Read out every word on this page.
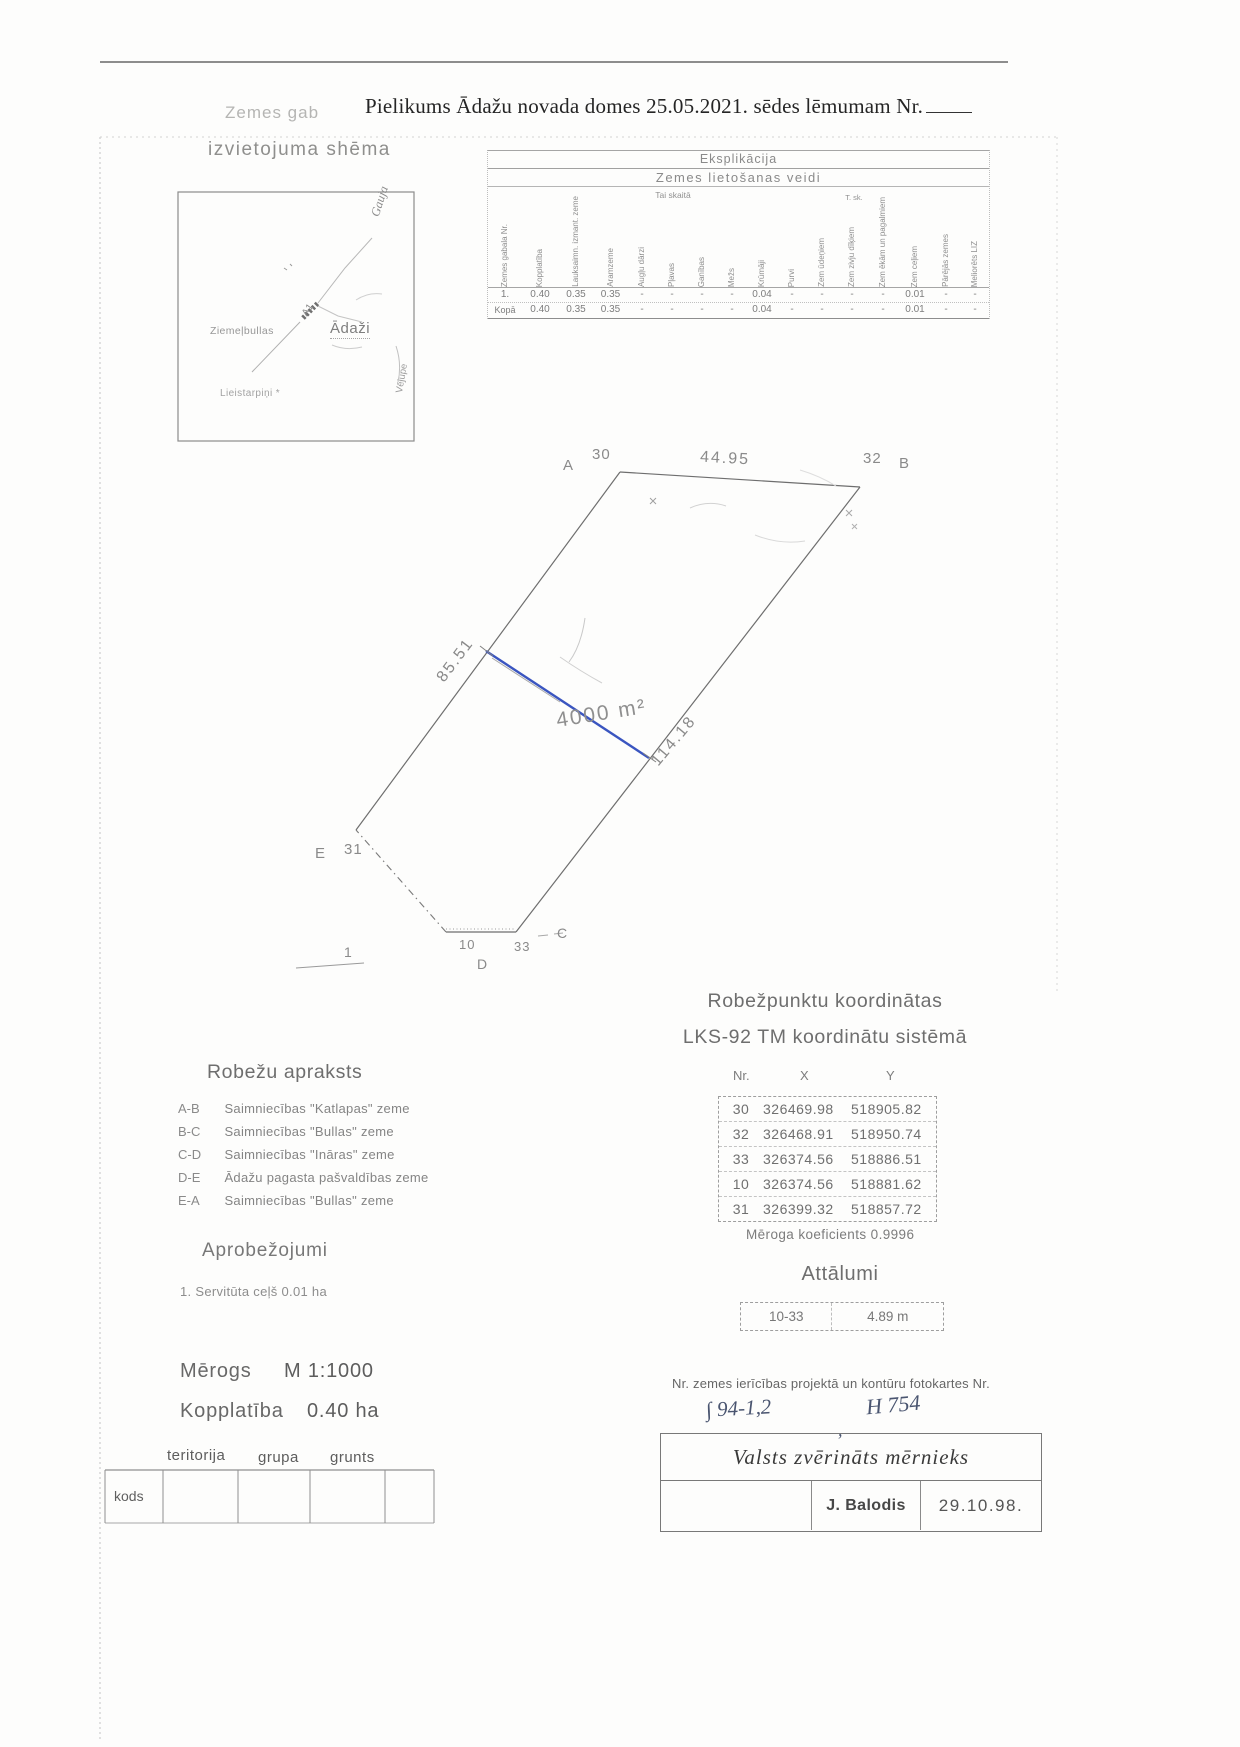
Zemes gab Pielikums Ādažu novada domes 25.05.2021. sēdes lēmumam Nr.
izvietojuma shēma	Eksplikācija
Zemes lietošanas veidi
Zemes gabala Nr.	Kopplatība	Lauksaimn. izmant. zeme	Aramzeme	Augļu dārzi	Pļavas	Ganības	Mežs	Krūmāji	Purvi	Zem ūdeņiem	Zem zivju dīķiem	Zem ēkām un pagalmiem	Zem ceļiem	Pārējās zemes	Meliorēts LIZ
Tai skaitā	T. sk.
1.	0.40	0.35	0.35	-	-	-	-	0.04	-	-	-	-	0.01	-	-
Kopā	0.40	0.35	0.35	-	-	-	-	0.04	-	-	-	-	0.01	-	-
Gauja
A1
Ādaži
Ziemeļbullas
Lieistarpiņi *	Vējupe
A
30	44.95	32 B
85.51
4000 m² 114.18
E 31
1	10	33
C
D
Robežpunktu koordinātas
LKS-92 TM koordinātu sistēmā
Nr.	X	Y
30 326469.98	518905.82
32 326468.91	518950.74
33 326374.56	518886.51
10 326374.56	518881.62
31 326399.32	518857.72
Mēroga koeficients 0.9996
Attālumi
10-33	4.89 m
Robežu apraksts
A-B Saimniecības "Katlapas" zeme
B-C Saimniecības "Bullas" zeme
C-D Saimniecības "Ināras" zeme
D-E Ādažu pagasta pašvaldības zeme
E-A Saimniecības "Bullas" zeme
Aprobežojumi
1. Servitūta ceļš 0.01 ha
Mērogs M 1:1000
Kopplatība 0.40 ha
teritorija grupa grunts
kods
Nr. zemes ierīcības projektā un kontūru fotokartes Nr.
∫ 94-1,2
,
H 754
Valsts zvērināts mērnieks
J. Balodis	29.10.98.
